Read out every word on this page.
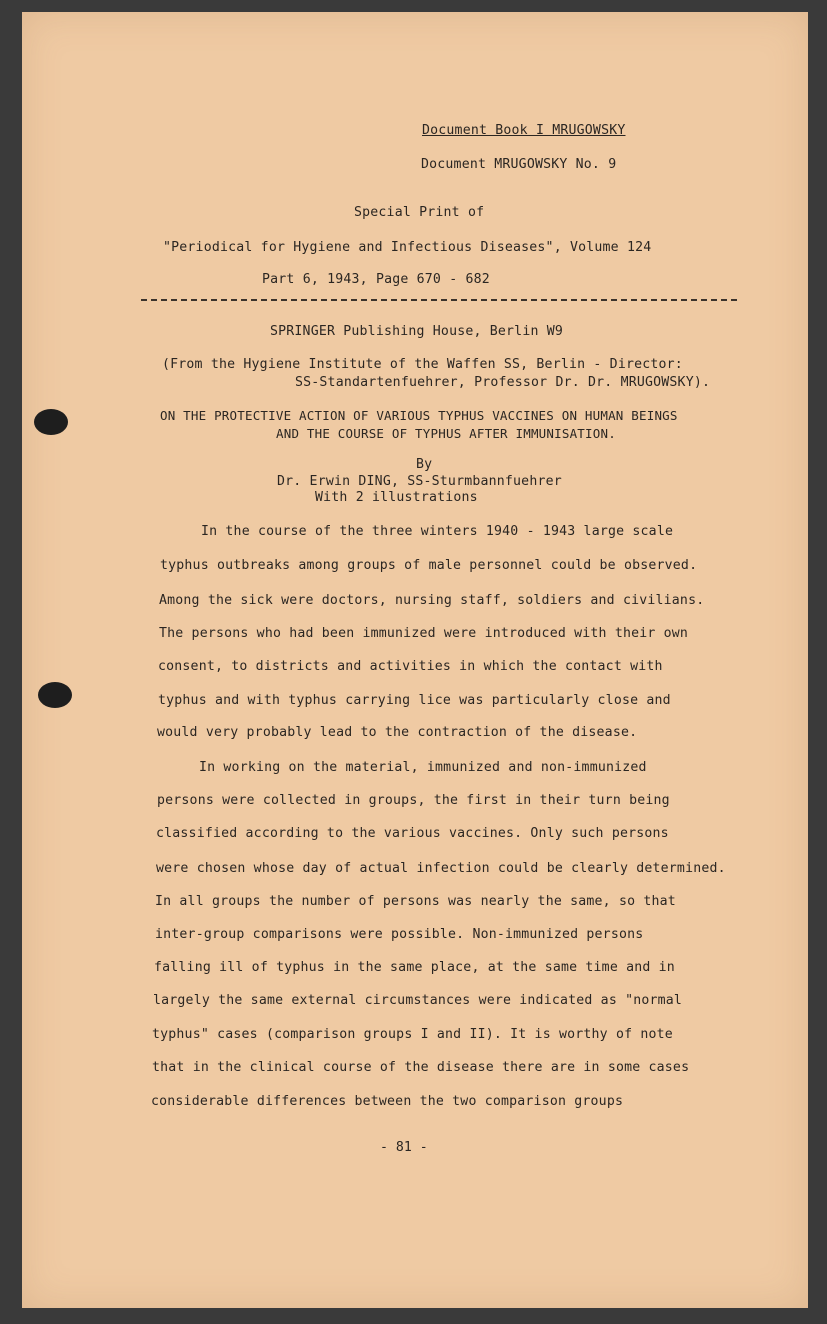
Document Book I MRUGOWSKY
Document MRUGOWSKY No. 9
Special Print of
"Periodical for Hygiene and Infectious Diseases", Volume 124
Part 6, 1943, Page 670 - 682
SPRINGER Publishing House, Berlin W9
(From the Hygiene Institute of the Waffen SS, Berlin - Director:
SS-Standartenfuehrer, Professor Dr. Dr. MRUGOWSKY).
ON THE PROTECTIVE ACTION OF VARIOUS TYPHUS VACCINES ON HUMAN BEINGS
AND THE COURSE OF TYPHUS AFTER IMMUNISATION.
By
Dr. Erwin DING, SS-Sturmbannfuehrer
With 2 illustrations
In the course of the three winters 1940 - 1943 large scale
typhus outbreaks among groups of male personnel could be observed.
Among the sick were doctors, nursing staff, soldiers and civilians.
The persons who had been immunized were introduced with their own
consent, to districts and activities in which the contact with
typhus and with typhus carrying lice was particularly close and
would very probably lead to the contraction of the disease.
In working on the material, immunized and non-immunized
persons were collected in groups, the first in their turn being
classified according to the various vaccines. Only such persons
were chosen whose day of actual infection could be clearly determined.
In all groups the number of persons was nearly the same, so that
inter-group comparisons were possible. Non-immunized persons
falling ill of typhus in the same place, at the same time and in
largely the same external circumstances were indicated as "normal
typhus" cases (comparison groups I and II). It is worthy of note
that in the clinical course of the disease there are in some cases
considerable differences between the two comparison groups
- 81 -
